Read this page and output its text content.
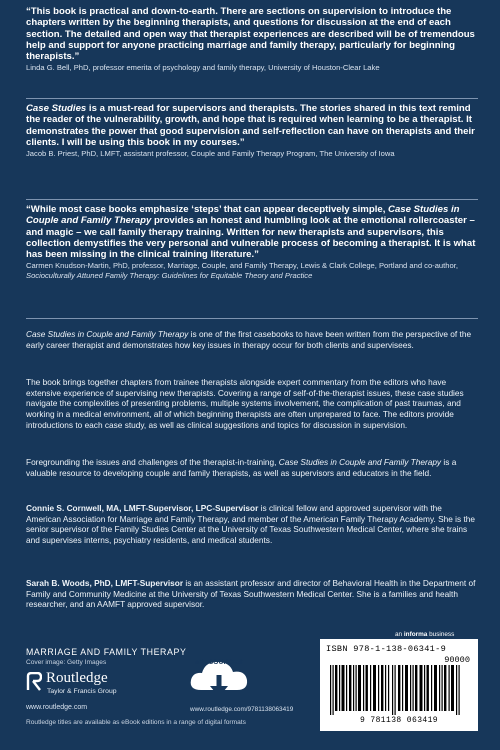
“This book is practical and down-to-earth. There are sections on supervision to introduce the chapters written by the beginning therapists, and questions for discussion at the end of each section. The detailed and open way that therapist experiences are described will be of tremendous help and support for anyone practicing marriage and family therapy, particularly for beginning therapists.”
Linda G. Bell, PhD, professor emerita of psychology and family therapy, University of Houston-Clear Lake
Case Studies is a must-read for supervisors and therapists. The stories shared in this text remind the reader of the vulnerability, growth, and hope that is required when learning to be a therapist. It demonstrates the power that good supervision and self-reflection can have on therapists and their clients. I will be using this book in my courses.”
Jacob B. Priest, PhD, LMFT, assistant professor, Couple and Family Therapy Program, The University of Iowa
“While most case books emphasize ‘steps’ that can appear deceptively simple, Case Studies in Couple and Family Therapy provides an honest and humbling look at the emotional rollercoaster – and magic – we call family therapy training. Written for new therapists and supervisors, this collection demystifies the very personal and vulnerable process of becoming a therapist. It is what has been missing in the clinical training literature.”
Carmen Knudson-Martin, PhD, professor, Marriage, Couple, and Family Therapy, Lewis & Clark College, Portland and co-author, Socioculturally Attuned Family Therapy: Guidelines for Equitable Theory and Practice
Case Studies in Couple and Family Therapy is one of the first casebooks to have been written from the perspective of the early career therapist and demonstrates how key issues in therapy occur for both clients and supervisees.
The book brings together chapters from trainee therapists alongside expert commentary from the editors who have extensive experience of supervising new therapists. Covering a range of self-of-the-therapist issues, these case studies navigate the complexities of presenting problems, multiple systems involvement, the complication of past traumas, and working in a medical environment, all of which beginning therapists are often unprepared to face. The editors provide introductions to each case study, as well as clinical suggestions and topics for discussion in supervision.
Foregrounding the issues and challenges of the therapist-in-training, Case Studies in Couple and Family Therapy is a valuable resource to developing couple and family therapists, as well as supervisors and educators in the field.
Connie S. Cornwell, MA, LMFT-Supervisor, LPC-Supervisor is clinical fellow and approved supervisor with the American Association for Marriage and Family Therapy, and member of the American Family Therapy Academy. She is the senior supervisor of the Family Studies Center at the University of Texas Southwestern Medical Center, where she trains and supervises interns, psychiatry residents, and medical students.
Sarah B. Woods, PhD, LMFT-Supervisor is an assistant professor and director of Behavioral Health in the Department of Family and Community Medicine at the University of Texas Southwestern Medical Center. She is a families and health researcher, and an AAMFT approved supervisor.
MARRIAGE AND FAMILY THERAPY
Cover image: Getty Images
Routledge
Taylor & Francis Group
www.routledge.com
eRESOURCES
www.routledge.com/9781138063419
an informa business
ISBN 978-1-138-06341-9
90000
9 781138 063419
Routledge titles are available as eBook editions in a range of digital formats
